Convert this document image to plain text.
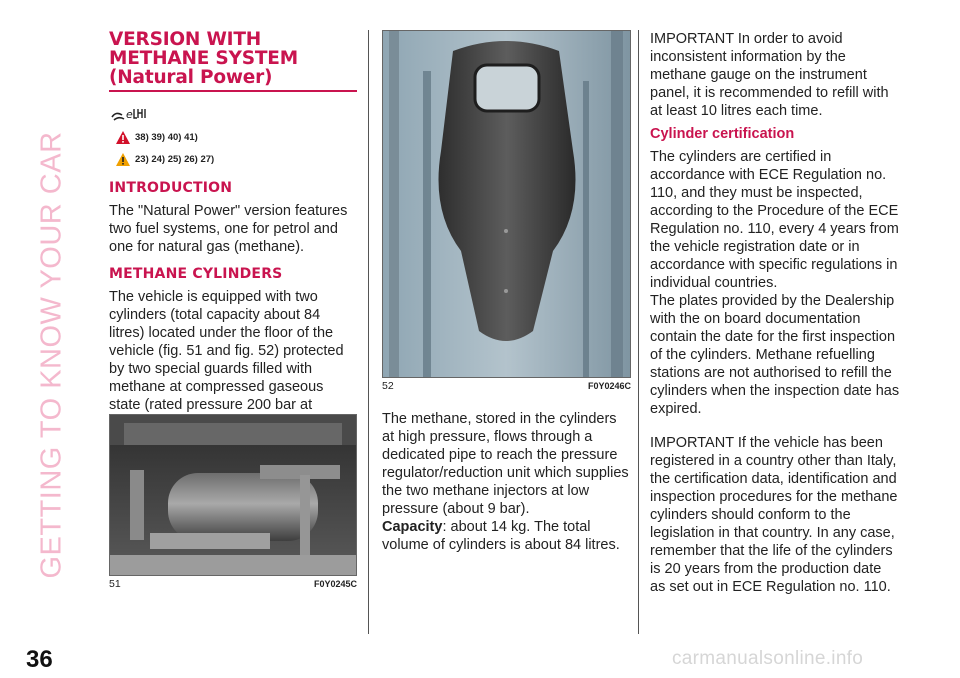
GETTING TO KNOW YOUR CAR
36
VERSION WITH
METHANE SYSTEM
(Natural Power)
e
38) 39) 40) 41)
23) 24) 25) 26) 27)
INTRODUCTION

The "Natural Power" version features two fuel systems, one for petrol and one for natural gas (methane).

METHANE CYLINDERS

The vehicle is equipped with two cylinders (total capacity about 84 litres) located under the floor of the vehicle (fig. 51 and fig. 52) protected by two special guards filled with methane at compressed gaseous state (rated pressure 200 bar at

51	F0Y0245C
52	F0Y0246C

The methane, stored in the cylinders at high pressure, flows through a dedicated pipe to reach the pressure regulator/reduction unit which supplies the two methane injectors at low pressure (about 9 bar).

Capacity: about 14 kg. The total volume of cylinders is about 84 litres.

IMPORTANT In order to avoid inconsistent information by the methane gauge on the instrument panel, it is recommended to refill with at least 10 litres each time.

Cylinder certification

The cylinders are certified in accordance with ECE Regulation no. 110, and they must be inspected, according to the Procedure of the ECE Regulation no. 110, every 4 years from the vehicle registration date or in accordance with specific regulations in individual countries.

The plates provided by the Dealership with the on board documentation contain the date for the first inspection of the cylinders. Methane refuelling stations are not authorised to refill the cylinders when the inspection date has expired.

IMPORTANT If the vehicle has been registered in a country other than Italy, the certification data, identification and inspection procedures for the methane cylinders should conform to the legislation in that country. In any case, remember that the life of the cylinders is 20 years from the production date as set out in ECE Regulation no. 110.

carmanualsonline.info
